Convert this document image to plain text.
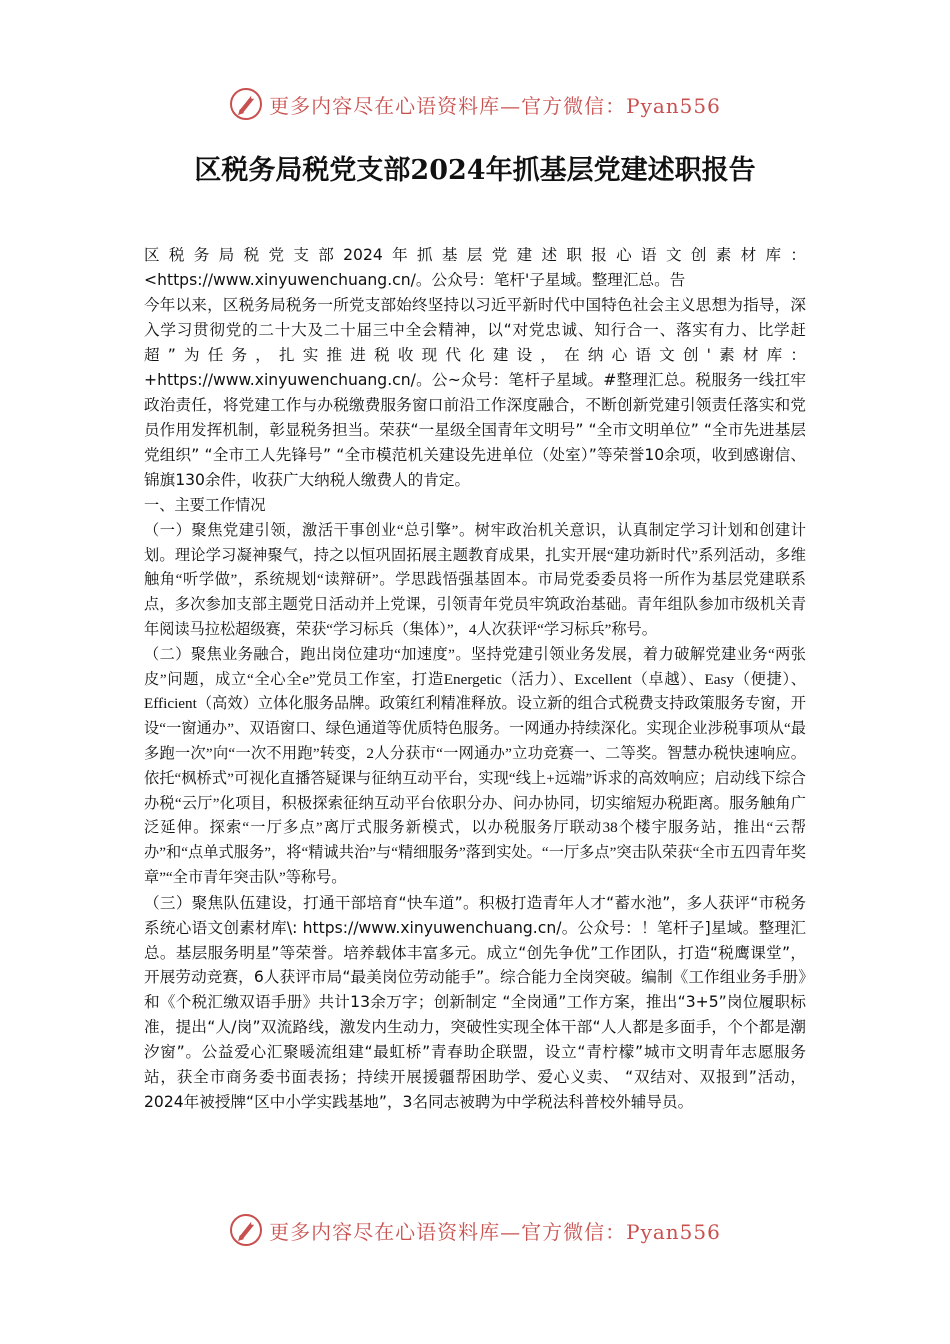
更多内容尽在心语资料库—官方微信：Pyan556
区税务局税党支部2024年抓基层党建述职报告

区税务局税党支部2024年抓基层党建述职报心语文创素材库：<https://www.xinyuwenchuang.cn/。公众号：笔杆'子星域。整理汇总。告

今年以来，区税务局税务一所党支部始终坚持以习近平新时代中国特色社会主义思想为指导，深入学习贯彻党的二十大及二十届三中全会精神，以“对党忠诚、知行合一、落实有力、比学赶超”为任务，扎实推进税收现代化建设，在纳心语文创'素材库：+https://www.xinyuwenchuang.cn/。公~众号：笔杆子星域。#整理汇总。税服务一线扛牢政治责任，将党建工作与办税缴费服务窗口前沿工作深度融合，不断创新党建引领责任落实和党员作用发挥机制，彰显税务担当。荣获“一星级全国青年文明号” “全市文明单位” “全市先进基层党组织” “全市工人先锋号” “全市模范机关建设先进单位（处室）”等荣誉10余项，收到感谢信、锦旗130余件，收获广大纳税人缴费人的肯定。

一、主要工作情况

（一）聚焦党建引领，激活干事创业“总引擎”。树牢政治机关意识，认真制定学习计划和创建计划。理论学习凝神聚气，持之以恒巩固拓展主题教育成果，扎实开展“建功新时代”系列活动，多维触角“听学做”，系统规划“读辩研”。学思践悟强基固本。市局党委委员将一所作为基层党建联系点，多次参加支部主题党日活动并上党课，引领青年党员牢筑政治基础。青年组队参加市级机关青年阅读马拉松超级赛，荣获“学习标兵（集体）”，4人次获评“学习标兵”称号。

（二）聚焦业务融合，跑出岗位建功“加速度”。坚持党建引领业务发展，着力破解党建业务“两张皮”问题，成立“全心全e”党员工作室，打造Energetic（活力）、Excellent（卓越）、Easy（便捷）、Efficient（高效）立体化服务品牌。政策红利精准释放。设立新的组合式税费支持政策服务专窗，开设“一窗通办”、双语窗口、绿色通道等优质特色服务。一网通办持续深化。实现企业涉税事项从“最多跑一次”向“一次不用跑”转变，2人分获市“一网通办”立功竞赛一、二等奖。智慧办税快速响应。依托“枫桥式”可视化直播答疑课与征纳互动平台，实现“线上+远端”诉求的高效响应；启动线下综合办税“云厅”化项目，积极探索征纳互动平台依职分办、问办协同，切实缩短办税距离。服务触角广泛延伸。探索“一厅多点”离厅式服务新模式，以办税服务厅联动38个楼宇服务站，推出“云帮办”和“点单式服务”，将“精诚共治”与“精细服务”落到实处。“一厅多点”突击队荣获“全市五四青年奖章”“全市青年突击队”等称号。

（三）聚焦队伍建设，打通干部培育“快车道”。积极打造青年人才“蓄水池”，多人获评“市税务系统心语文创素材库\: https://www.xinyuwenchuang.cn/。公众号：！笔杆子]星域。整理汇总。基层服务明星”等荣誉。培养载体丰富多元。成立“创先争优”工作团队，打造“税鹰课堂”，开展劳动竞赛，6人获评市局“最美岗位劳动能手”。综合能力全岗突破。编制《工作组业务手册》和《个税汇缴双语手册》共计13余万字；创新制定 “全岗通”工作方案，推出“3+5”岗位履职标准，提出“人/岗”双流路线，激发内生动力，突破性实现全体干部“人人都是多面手，个个都是潮汐窗”。公益爱心汇聚暖流组建“最虹桥”青春助企联盟，设立“青柠檬”城市文明青年志愿服务站，获全市商务委书面表扬；持续开展援疆帮困助学、爱心义卖、 “双结对、双报到”活动，2024年被授牌“区中小学实践基地”，3名同志被聘为中学税法科普校外辅导员。

更多内容尽在心语资料库—官方微信：Pyan556
